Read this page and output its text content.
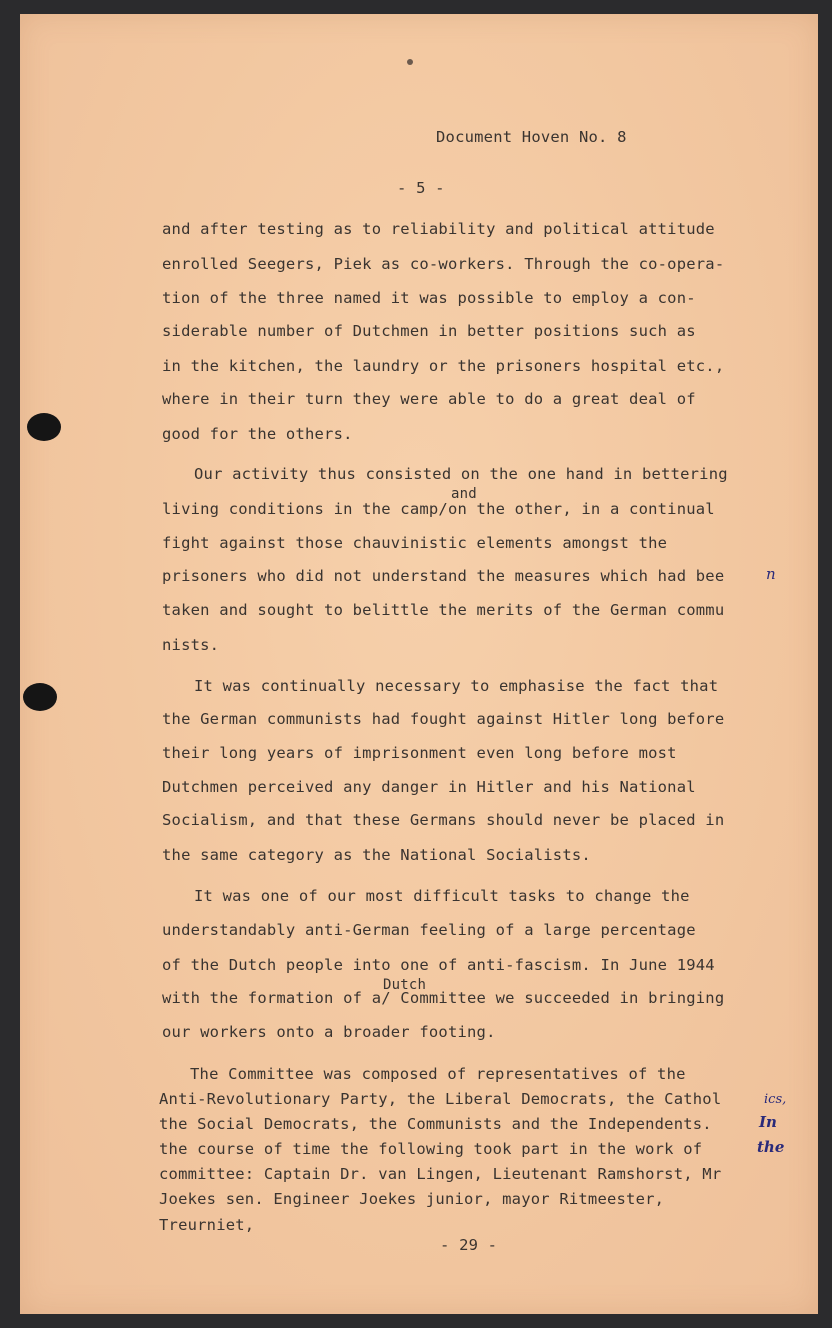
Document Hoven No. 8
- 5 -
and after testing as to reliability and political attitude
enrolled Seegers, Piek as co-workers. Through the co-opera-
tion of the three named it was possible to employ a con-
siderable number of Dutchmen in better positions such as
in the kitchen, the laundry or the prisoners hospital etc.,
where in their turn they were able to do a great deal of
good for the others.
Our activity thus consisted on the one hand in bettering
and
living conditions in the camp/on the other, in a continual
fight against those chauvinistic elements amongst the
prisoners who did not understand the measures which had bee	n
taken and sought to belittle the merits of the German commu
nists.
It was continually necessary to emphasise the fact that
the German communists had fought against Hitler long before
their long years of imprisonment even long before most
Dutchmen perceived any danger in Hitler and his National
Socialism, and that these Germans should never be placed in
the same category as the National Socialists.
It was one of our most difficult tasks to change the
understandably anti-German feeling of a large percentage
of the Dutch people into one of anti-fascism. In June 1944
Dutch
with the formation of a/ Committee we succeeded in bringing
our workers onto a broader footing.
The Committee was composed of representatives of the
Anti-Revolutionary Party, the Liberal Democrats, the Cathol	ics,
the Social Democrats, the Communists and the Independents.	In
the course of time the following took part in the work of	the
committee: Captain Dr. van Lingen, Lieutenant Ramshorst, Mr
Joekes sen. Engineer Joekes junior, mayor Ritmeester,
Treurniet,
- 29 -
